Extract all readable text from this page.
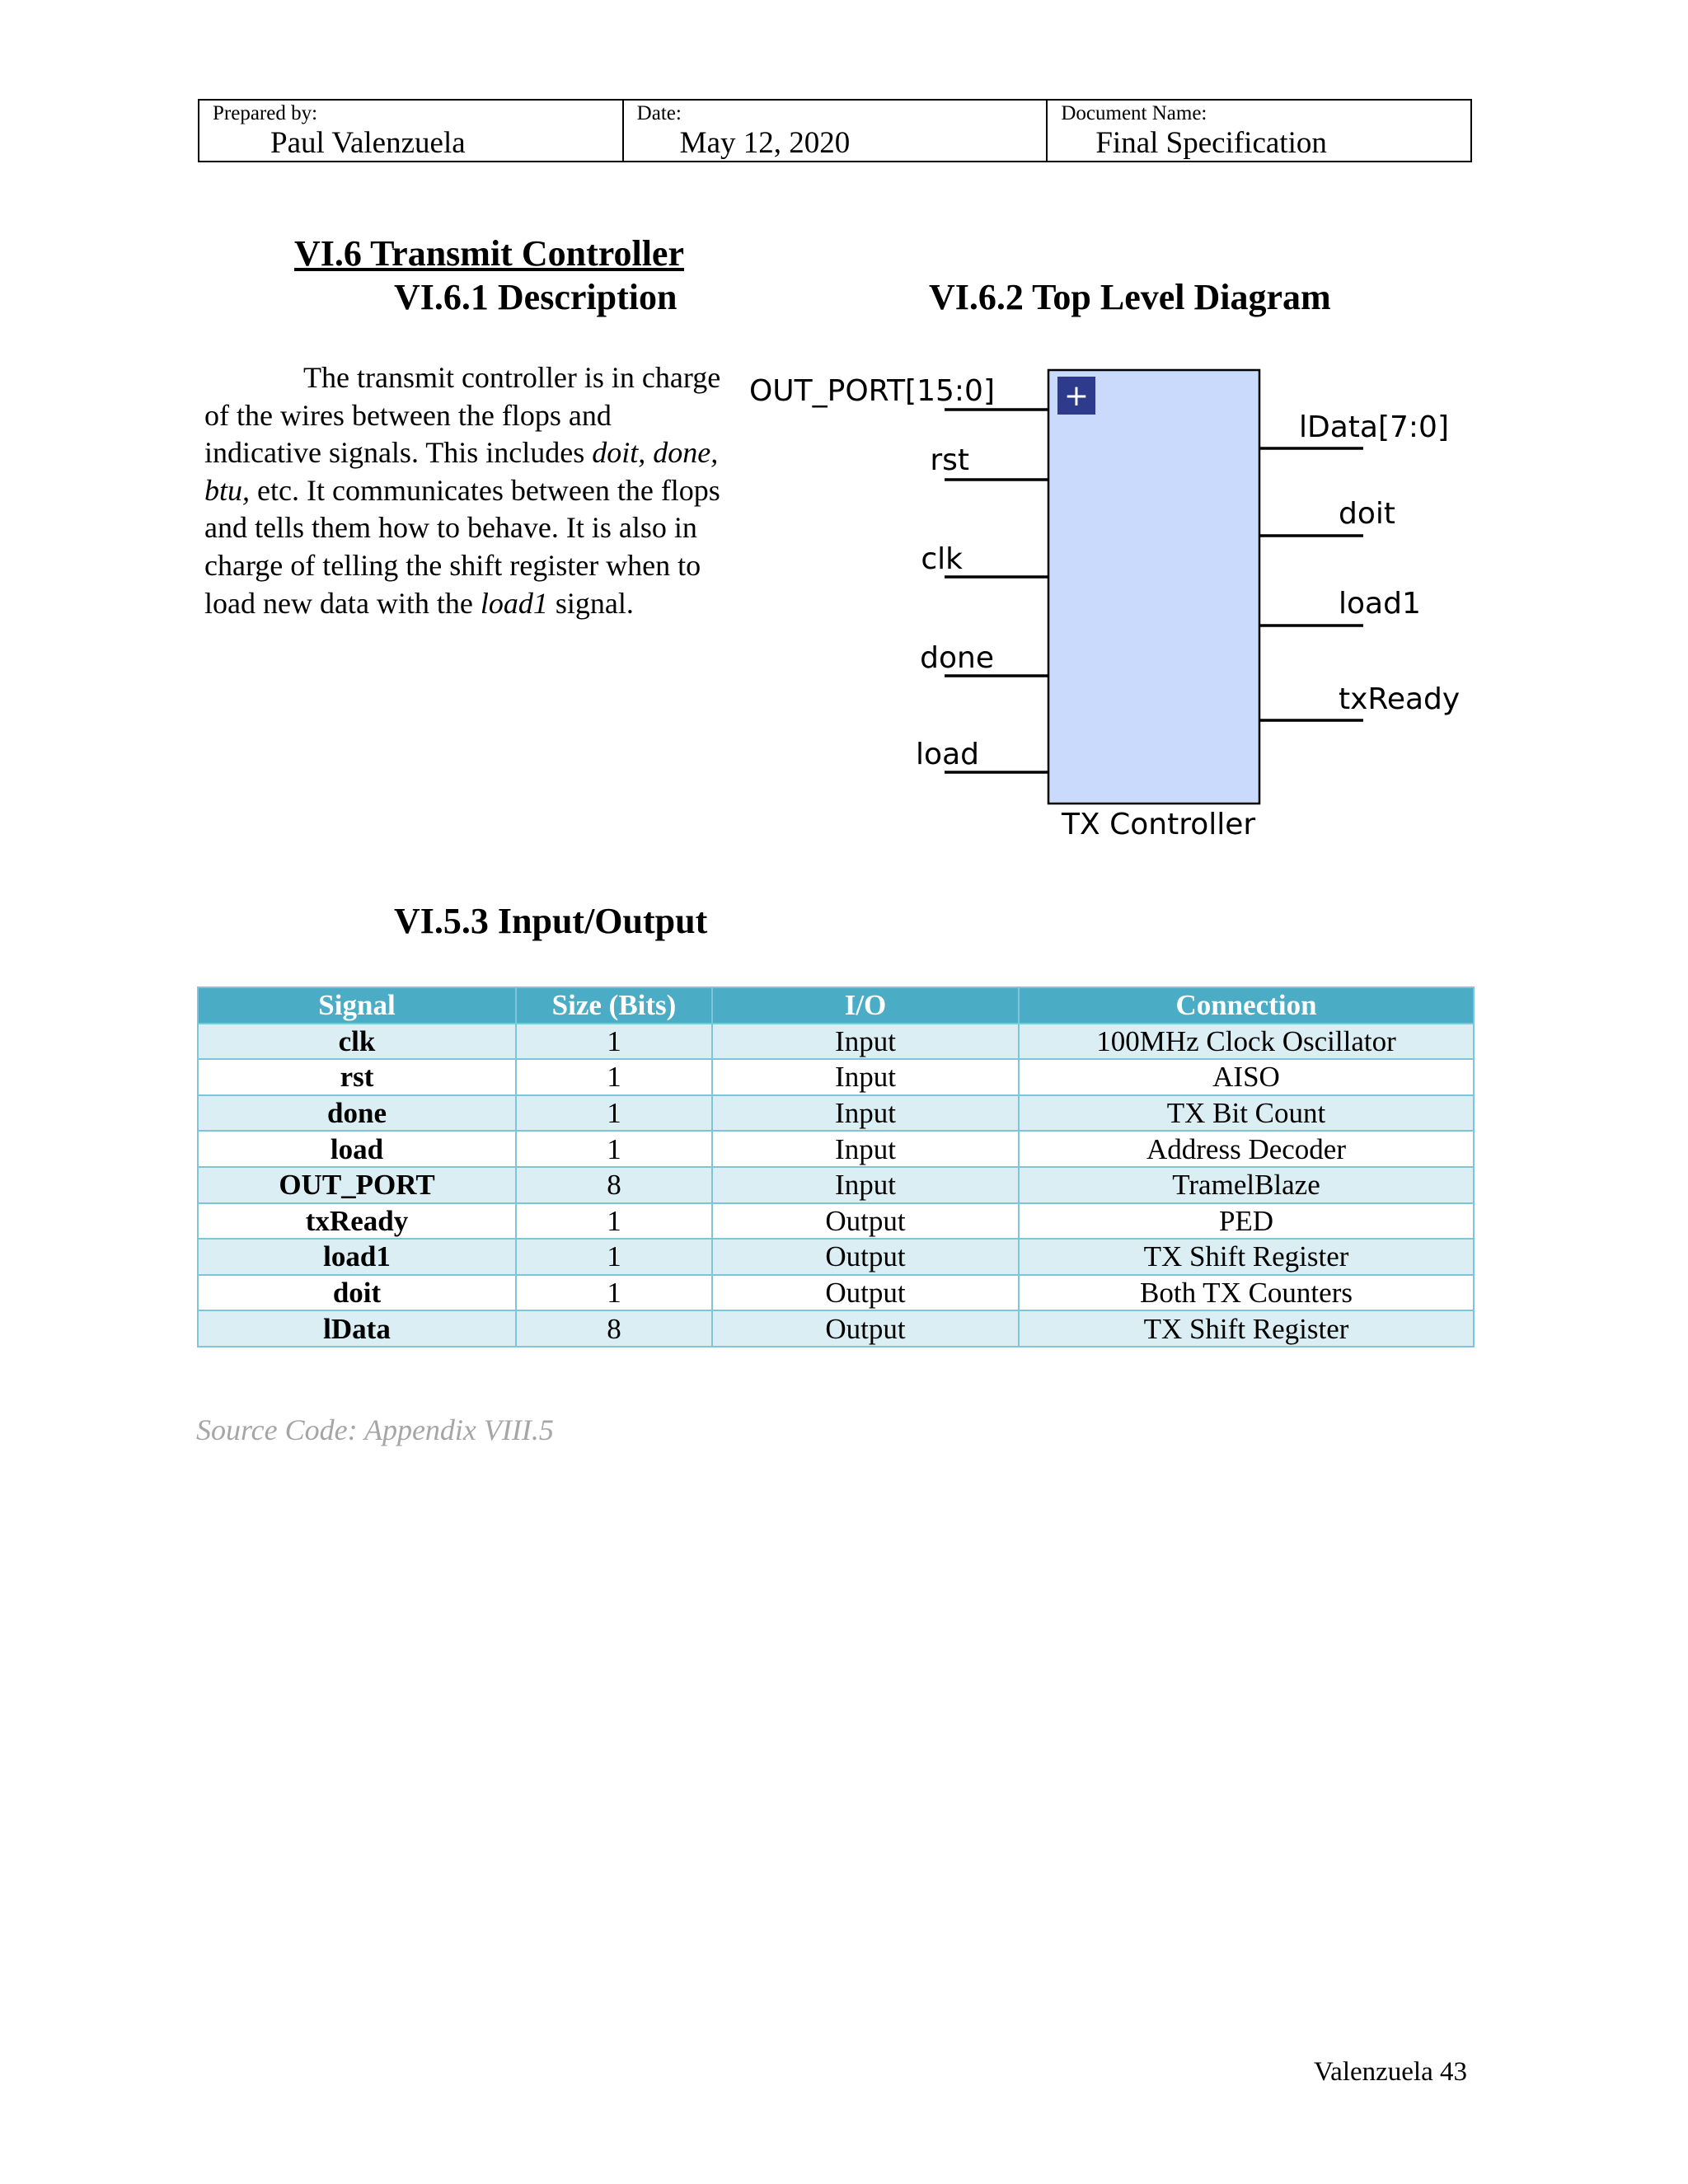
Prepared by:
Paul Valenzuela
Date:
May 12, 2020
Document Name:
Final Specification
VI.6 Transmit Controller
VI.6.1 Description	VI.6.2 Top Level Diagram

The transmit controller is in charge of the wires between the flops and indicative signals. This includes doit, done, btu, etc. It communicates between the flops and tells them how to behave. It is also in charge of telling the shift register when to load new data with the load1 signal.

+
OUT_PORT[15:0]
rst
clk
done
load
lData[7:0]
doit
load1
txReady
TX Controller
VI.5.3 Input/Output
Signal	Size (Bits)	I/O	Connection
clk	1	Input	100MHz Clock Oscillator
rst	1	Input	AISO
done	1	Input	TX Bit Count
load	1	Input	Address Decoder
OUT_PORT	8	Input	TramelBlaze
txReady	1	Output	PED
load1	1	Output	TX Shift Register
doit	1	Output	Both TX Counters
lData	8	Output	TX Shift Register
Source Code: Appendix VIII.5
Valenzuela 43
